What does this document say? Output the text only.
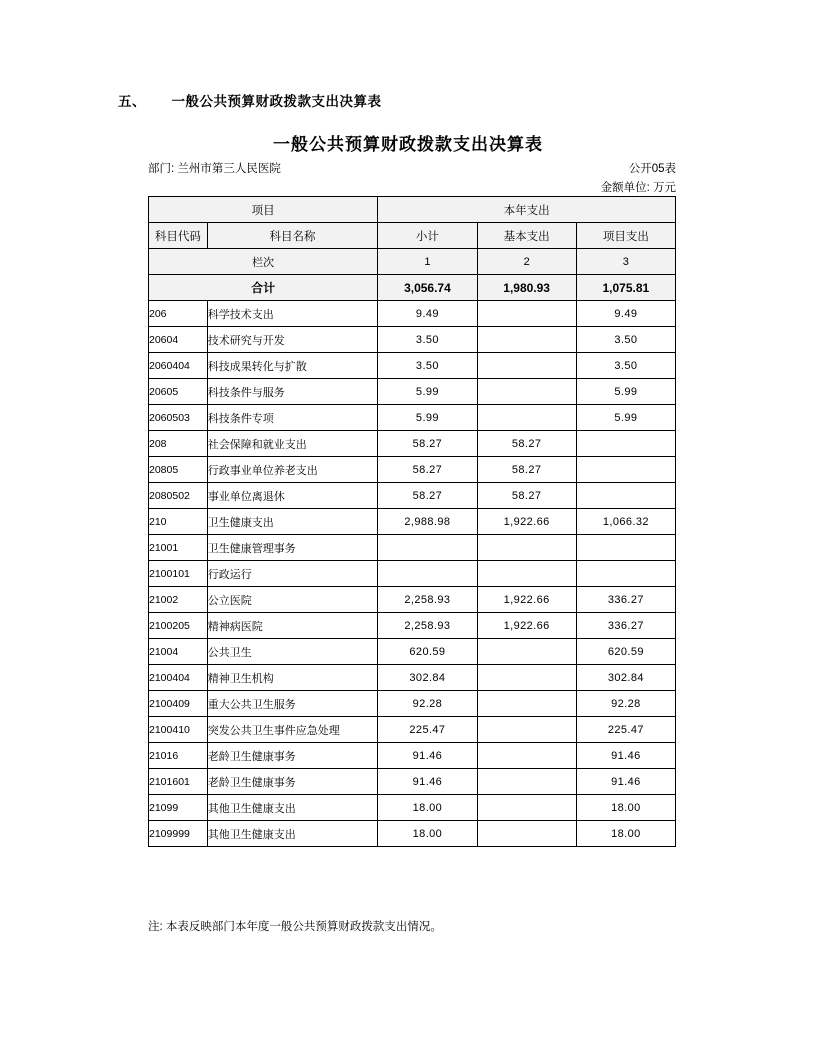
五、      一般公共预算财政拨款支出决算表
一般公共预算财政拨款支出决算表
部门: 兰州市第三人民医院	公开05表
金额单位: 万元
项目		本年支出		
科目代码	科目名称	小计	基本支出	项目支出
栏次		1	2	3
合计		3,056.74	1,980.93	1,075.81
206	科学技术支出	9.49		9.49
20604	技术研究与开发	3.50		3.50
2060404	科技成果转化与扩散	3.50		3.50
20605	科技条件与服务	5.99		5.99
2060503	科技条件专项	5.99		5.99
208	社会保障和就业支出	58.27	58.27	
20805	行政事业单位养老支出	58.27	58.27	
2080502	事业单位离退休	58.27	58.27	
210	卫生健康支出	2,988.98	1,922.66	1,066.32
21001	卫生健康管理事务			
2100101	行政运行			
21002	公立医院	2,258.93	1,922.66	336.27
2100205	精神病医院	2,258.93	1,922.66	336.27
21004	公共卫生	620.59		620.59
2100404	精神卫生机构	302.84		302.84
2100409	重大公共卫生服务	92.28		92.28
2100410	突发公共卫生事件应急处理	225.47		225.47
21016	老龄卫生健康事务	91.46		91.46
2101601	老龄卫生健康事务	91.46		91.46
21099	其他卫生健康支出	18.00		18.00
2109999	其他卫生健康支出	18.00		18.00
注: 本表反映部门本年度一般公共预算财政拨款支出情况。
